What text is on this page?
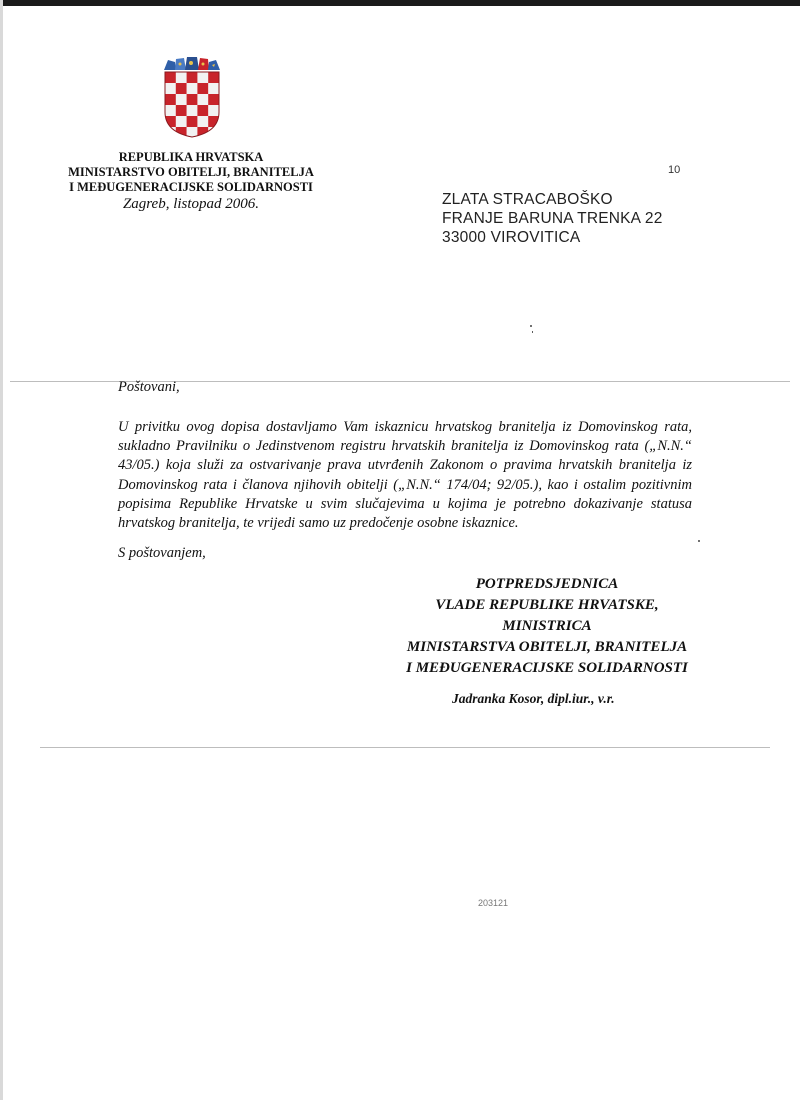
REPUBLIKA HRVATSKA
MINISTARSTVO OBITELJI, BRANITELJA
I MEĐUGENERACIJSKE SOLIDARNOSTI
Zagreb, listopad 2006.
10
ZLATA STRACABOŠKO
FRANJE BARUNA TRENKA 22
33000 VIROVITICA
Poštovani,
U privitku ovog dopisa dostavljamo Vam iskaznicu hrvatskog branitelja iz Domovinskog rata, sukladno Pravilniku o Jedinstvenom registru hrvatskih branitelja iz Domovinskog rata („N.N.“ 43/05.) koja služi za ostvarivanje prava utvrđenih Zakonom o pravima hrvatskih branitelja iz Domovinskog rata i članova njihovih obitelji („N.N.“ 174/04; 92/05.), kao i ostalim pozitivnim popisima Republike Hrvatske u svim slučajevima u kojima je potrebno dokazivanje statusa hrvatskog branitelja, te vrijedi samo uz predočenje osobne iskaznice.
S poštovanjem,
POTPREDSJEDNICA
VLADE REPUBLIKE HRVATSKE,
MINISTRICA
MINISTARSTVA OBITELJI, BRANITELJA
I MEĐUGENERACIJSKE SOLIDARNOSTI
Jadranka Kosor, dipl.iur., v.r.
203121
